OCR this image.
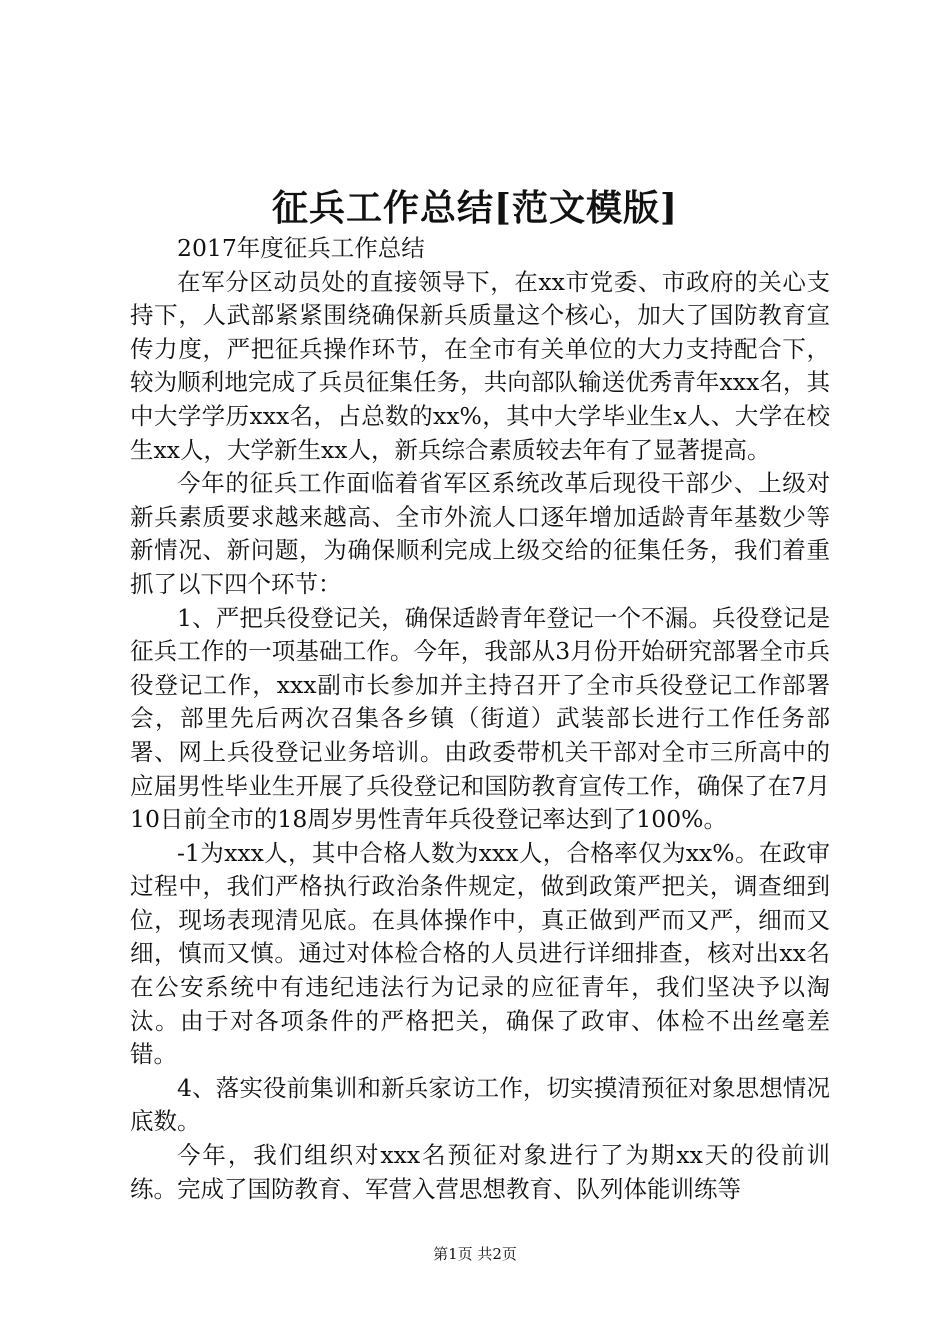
征兵工作总结[范文模版]

2017年度征兵工作总结

在军分区动员处的直接领导下，在xx市党委、市政府的关心支持下，人武部紧紧围绕确保新兵质量这个核心，加大了国防教育宣传力度，严把征兵操作环节，在全市有关单位的大力支持配合下，较为顺利地完成了兵员征集任务，共向部队输送优秀青年xxx名，其中大学学历xxx名，占总数的xx%，其中大学毕业生x人、大学在校生xx人，大学新生xx人，新兵综合素质较去年有了显著提高。

今年的征兵工作面临着省军区系统改革后现役干部少、上级对新兵素质要求越来越高、全市外流人口逐年增加适龄青年基数少等新情况、新问题，为确保顺利完成上级交给的征集任务，我们着重抓了以下四个环节：

1、严把兵役登记关，确保适龄青年登记一个不漏。兵役登记是征兵工作的一项基础工作。今年，我部从3月份开始研究部署全市兵役登记工作，xxx副市长参加并主持召开了全市兵役登记工作部署会，部里先后两次召集各乡镇（街道）武装部长进行工作任务部署、网上兵役登记业务培训。由政委带机关干部对全市三所高中的应届男性毕业生开展了兵役登记和国防教育宣传工作，确保了在7月10日前全市的18周岁男性青年兵役登记率达到了100%。

-1为xxx人，其中合格人数为xxx人，合格率仅为xx%。在政审过程中，我们严格执行政治条件规定，做到政策严把关，调查细到位，现场表现清见底。在具体操作中，真正做到严而又严，细而又细，慎而又慎。通过对体检合格的人员进行详细排查，核对出xx名在公安系统中有违纪违法行为记录的应征青年，我们坚决予以淘汰。由于对各项条件的严格把关，确保了政审、体检不出丝毫差错。

4、落实役前集训和新兵家访工作，切实摸清预征对象思想情况底数。

今年，我们组织对xxx名预征对象进行了为期xx天的役前训练。完成了国防教育、军营入营思想教育、队列体能训练等

第1页 共2页
